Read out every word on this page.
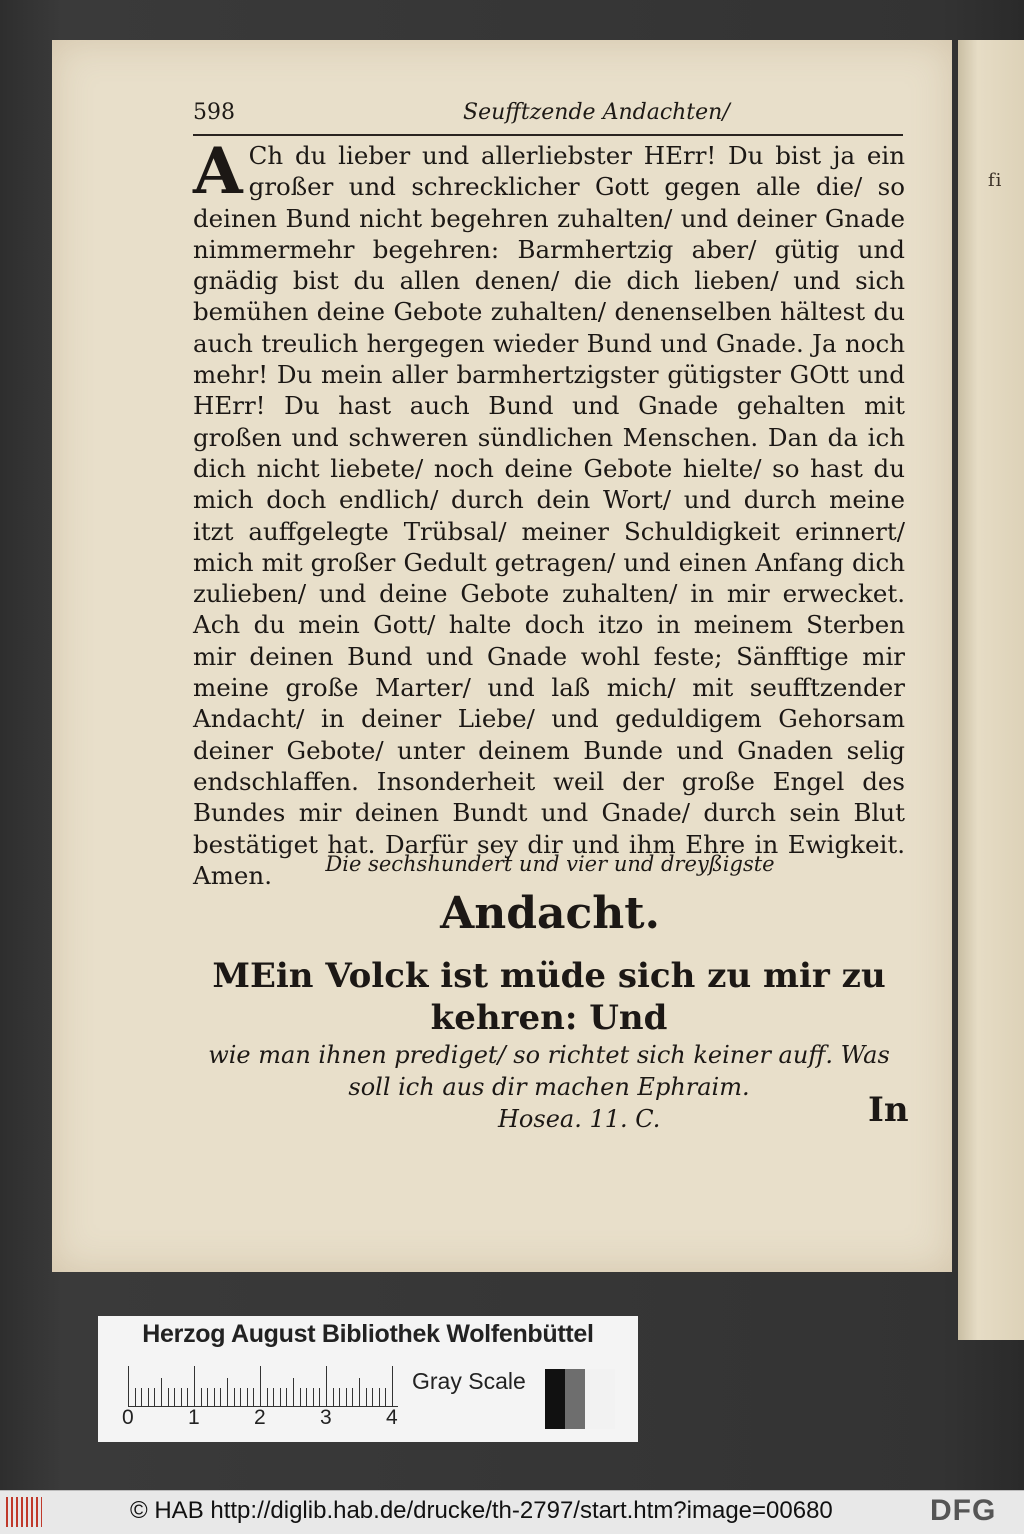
fi
598	Seufftzende Andachten/
A Ch du lieber und allerliebster HErr! Du bist ja ein großer und schrecklicher Gott gegen alle die/ so deinen Bund nicht begehren zuhalten/ und deiner Gnade nimmermehr begehren: Barmhertzig aber/ gütig und gnädig bist du allen denen/ die dich lieben/ und sich bemühen deine Gebote zuhalten/ denenselben hältest du auch treulich hergegen wieder Bund und Gnade. Ja noch mehr! Du mein aller barmhertzigster gütigster GOtt und HErr! Du hast auch Bund und Gnade gehalten mit großen und schweren sündlichen Menschen. Dan da ich dich nicht liebete/ noch deine Gebote hielte/ so hast du mich doch endlich/ durch dein Wort/ und durch meine itzt auffgelegte Trübsal/ meiner Schuldigkeit erinnert/ mich mit großer Gedult getragen/ und einen Anfang dich zulieben/ und deine Gebote zuhalten/ in mir erwecket. Ach du mein Gott/ halte doch itzo in meinem Sterben mir deinen Bund und Gnade wohl feste; Sänfftige mir meine große Marter/ und laß mich/ mit seufftzender Andacht/ in deiner Liebe/ und geduldigem Gehorsam deiner Gebote/ unter deinem Bunde und Gnaden selig endschlaffen. Insonderheit weil der große Engel des Bundes mir deinen Bundt und Gnade/ durch sein Blut bestätiget hat. Darfür sey dir und ihm Ehre in Ewigkeit. Amen.	Die sechshundert und vier und dreyßigste
Andacht.
MEin Volck ist müde sich zu mir zu kehren: Und
wie man ihnen prediget/ so richtet sich keiner auff. Was
soll ich aus dir machen Ephraim.
Hosea. 11. C.	In
Herzog August Bibliothek Wolfenbüttel
0	1	2	3	4
Gray Scale
© HAB http://diglib.hab.de/drucke/th-2797/start.htm?image=00680	DFG
